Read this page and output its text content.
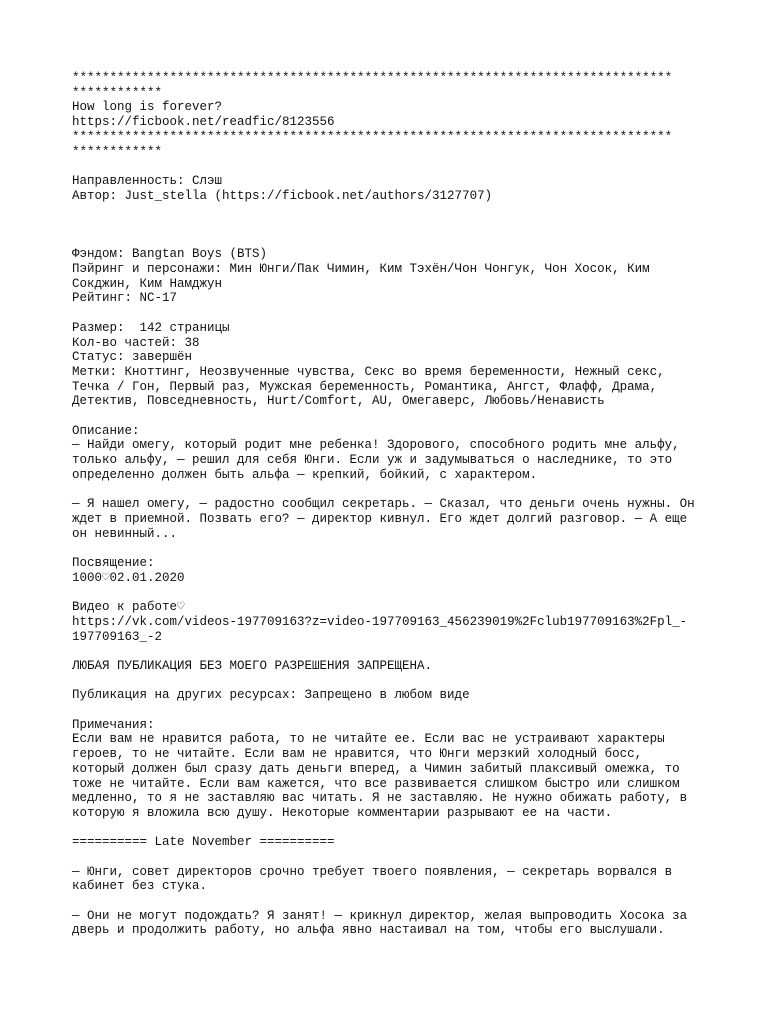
********************************************************************************

************

How long is forever?

https://ficbook.net/readfic/8123556

********************************************************************************

************

Направленность: Слэш

Автор: Just_stella (https://ficbook.net/authors/3127707)

Фэндом: Bangtan Boys (BTS)

Пэйринг и персонажи: Мин Юнги/Пак Чимин, Ким Тэхён/Чон Чонгук, Чон Хосок, Ким

Сокджин, Ким Намджун

Рейтинг: NC-17

Размер:  142 страницы

Кол-во частей: 38

Статус: завершён

Метки: Кноттинг, Неозвученные чувства, Секс во время беременности, Нежный секс,

Течка / Гон, Первый раз, Мужская беременность, Романтика, Ангст, Флафф, Драма,

Детектив, Повседневность, Hurt/Comfort, AU, Омегаверс, Любовь/Ненависть

Описание:

— Найди омегу, который родит мне ребенка! Здорового, способного родить мне альфу,

только альфу, — решил для себя Юнги. Если уж и задумываться о наследнике, то это

определенно должен быть альфа — крепкий, бойкий, с характером.

— Я нашел омегу, — радостно сообщил секретарь. — Сказал, что деньги очень нужны. Он

ждет в приемной. Позвать его? — директор кивнул. Его ждет долгий разговор. — А еще

он невинный...

Посвящение:

1000♡02.01.2020

Видео к работе♡

https://vk.com/videos-197709163?z=video-197709163_456239019%2Fclub197709163%2Fpl_-

197709163_-2

ЛЮБАЯ ПУБЛИКАЦИЯ БЕЗ МОЕГО РАЗРЕШЕНИЯ ЗАПРЕЩЕНА.

Публикация на других ресурсах: Запрещено в любом виде

Примечания:

Если вам не нравится работа, то не читайте ее. Если вас не устраивают характеры

героев, то не читайте. Если вам не нравится, что Юнги мерзкий холодный босс,

который должен был сразу дать деньги вперед, а Чимин забитый плаксивый омежка, то

тоже не читайте. Если вам кажется, что все развивается слишком быстро или слишком

медленно, то я не заставляю вас читать. Я не заставляю. Не нужно обижать работу, в

которую я вложила всю душу. Некоторые комментарии разрывают ее на части.

========== Late November ==========

— Юнги, совет директоров срочно требует твоего появления, — секретарь ворвался в

кабинет без стука.

— Они не могут подождать? Я занят! — крикнул директор, желая выпроводить Хосока за

дверь и продолжить работу, но альфа явно настаивал на том, чтобы его выслушали.
